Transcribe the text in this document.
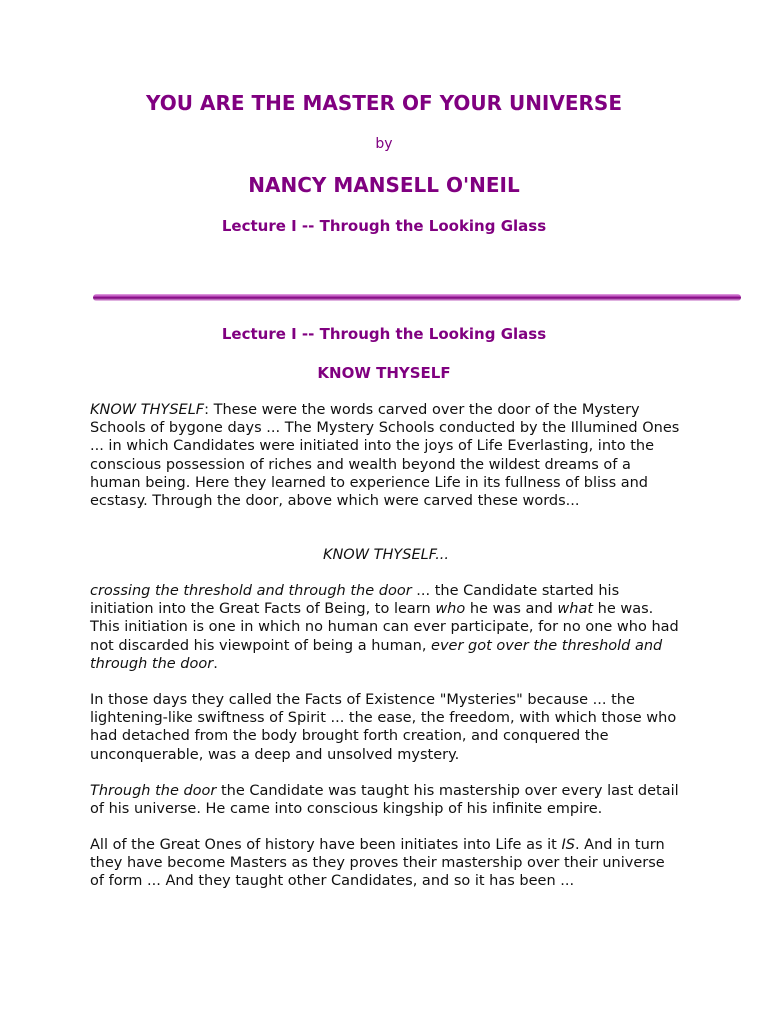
YOU ARE THE MASTER OF YOUR UNIVERSE
by
NANCY MANSELL O'NEIL
Lecture I -- Through the Looking Glass
Lecture I -- Through the Looking Glass
KNOW THYSELF

KNOW THYSELF: These were the words carved over the door of the Mystery Schools of bygone days ... The Mystery Schools conducted by the Illumined Ones ... in which Candidates were initiated into the joys of Life Everlasting, into the conscious possession of riches and wealth beyond the wildest dreams of a human being. Here they learned to experience Life in its fullness of bliss and ecstasy. Through the door, above which were carved these words...

KNOW THYSELF...

crossing the threshold and through the door ... the Candidate started his initiation into the Great Facts of Being, to learn who he was and what he was. This initiation is one in which no human can ever participate, for no one who had not discarded his viewpoint of being a human, ever got over the threshold and through the door.

In those days they called the Facts of Existence "Mysteries" because ... the lightening-like swiftness of Spirit ... the ease, the freedom, with which those who had detached from the body brought forth creation, and conquered the unconquerable, was a deep and unsolved mystery.

Through the door the Candidate was taught his mastership over every last detail of his universe. He came into conscious kingship of his infinite empire.

All of the Great Ones of history have been initiates into Life as it IS. And in turn they have become Masters as they proves their mastership over their universe of form ... And they taught other Candidates, and so it has been ...
